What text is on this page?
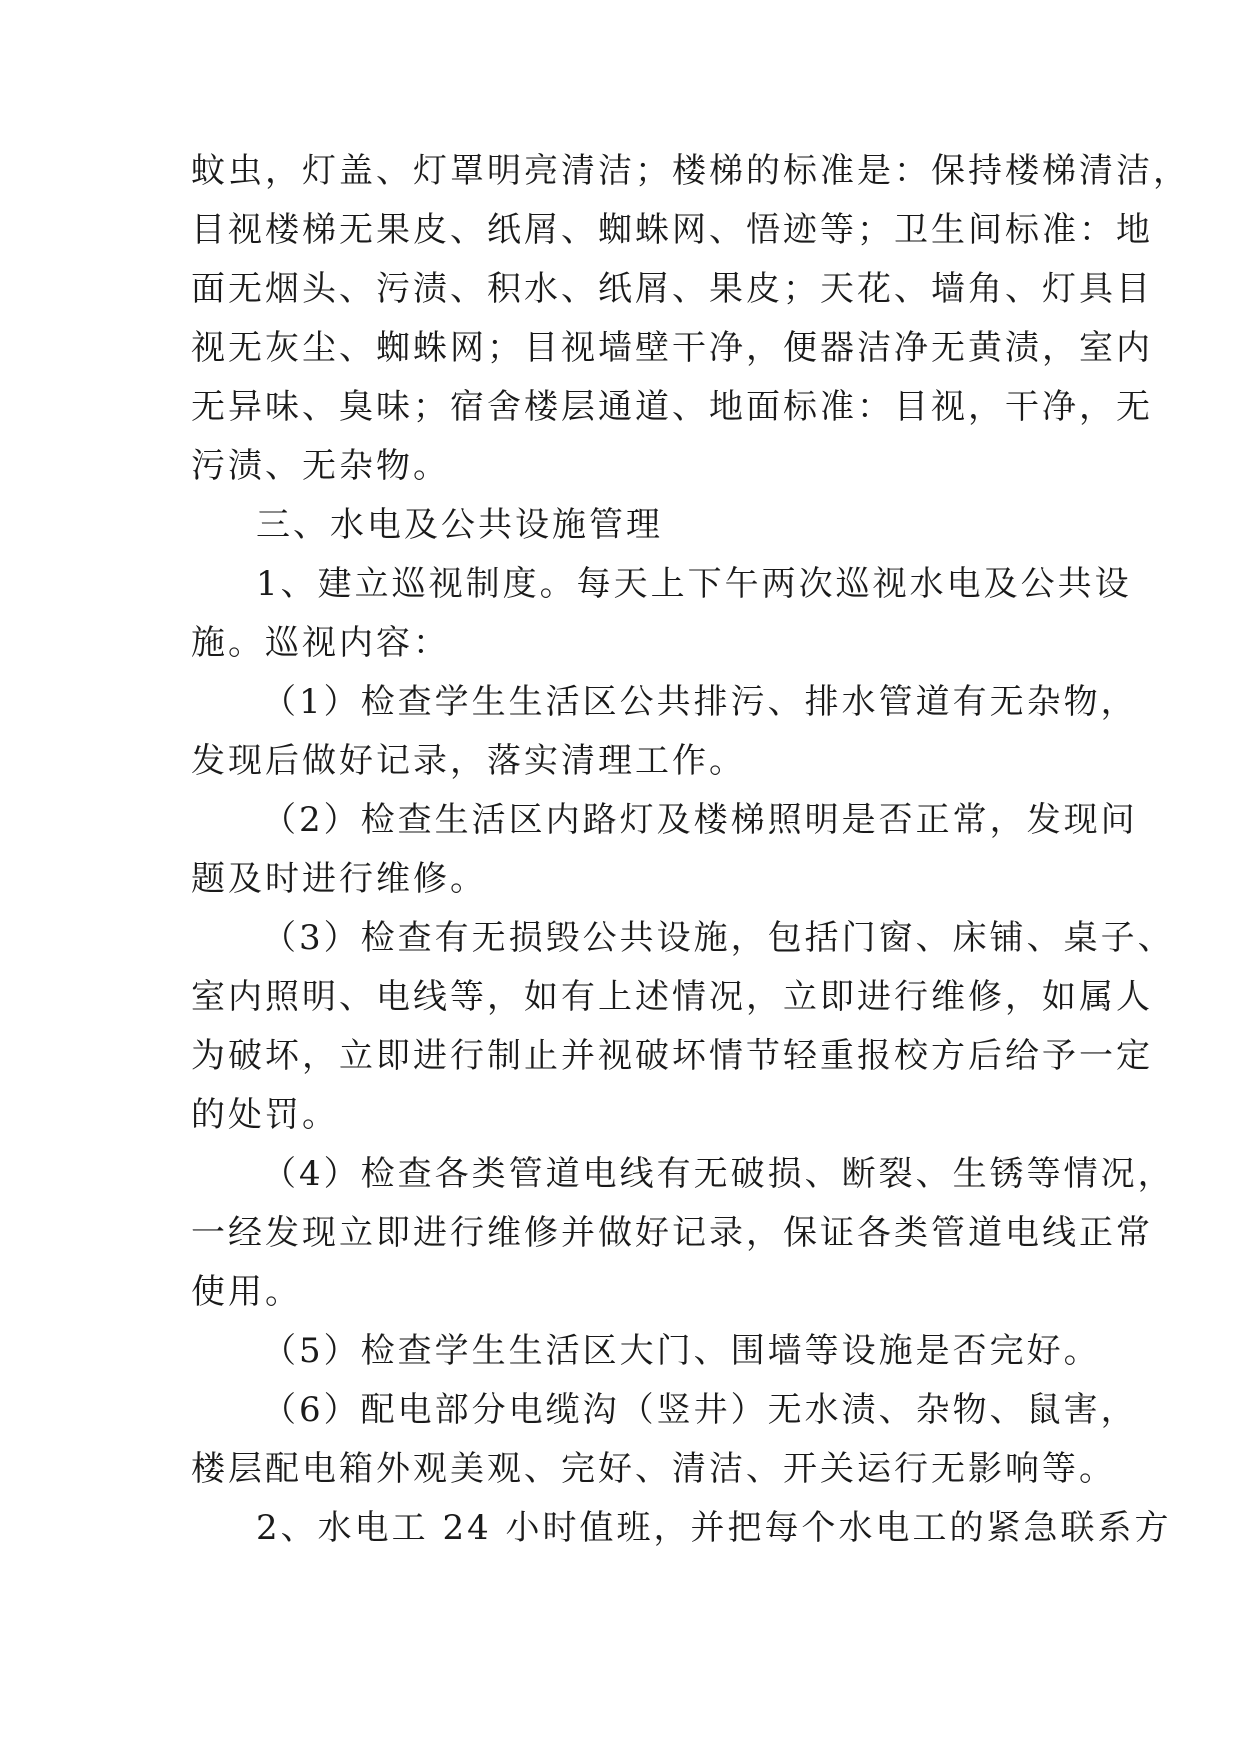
蚊虫，灯盖、灯罩明亮清洁；楼梯的标准是：保持楼梯清洁，
目视楼梯无果皮、纸屑、蜘蛛网、悟迹等；卫生间标准：地
面无烟头、污渍、积水、纸屑、果皮；天花、墙角、灯具目
视无灰尘、蜘蛛网；目视墙壁干净，便器洁净无黄渍，室内
无异味、臭味；宿舍楼层通道、地面标准：目视，干净，无
污渍、无杂物。
三、水电及公共设施管理
1、建立巡视制度。每天上下午两次巡视水电及公共设
施。巡视内容：
（1）检查学生生活区公共排污、排水管道有无杂物，
发现后做好记录，落实清理工作。
（2）检查生活区内路灯及楼梯照明是否正常，发现问
题及时进行维修。
（3）检查有无损毁公共设施，包括门窗、床铺、桌子、
室内照明、电线等，如有上述情况，立即进行维修，如属人
为破坏，立即进行制止并视破坏情节轻重报校方后给予一定
的处罚。
（4）检查各类管道电线有无破损、断裂、生锈等情况，
一经发现立即进行维修并做好记录，保证各类管道电线正常
使用。
（5）检查学生生活区大门、围墙等设施是否完好。
（6）配电部分电缆沟（竖井）无水渍、杂物、鼠害，
楼层配电箱外观美观、完好、清洁、开关运行无影响等。
2、水电工 24 小时值班，并把每个水电工的紧急联系方
